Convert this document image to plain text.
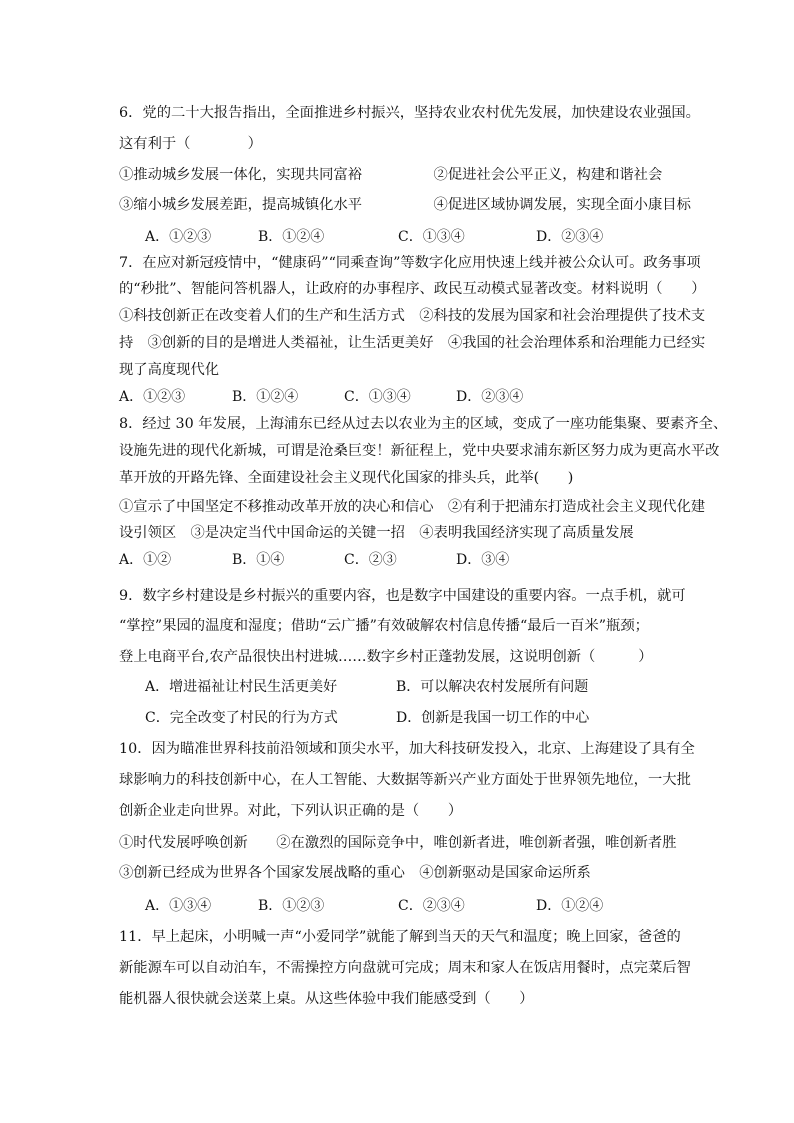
6．党的二十大报告指出，全面推进乡村振兴，坚持农业农村优先发展，加快建设农业强国。
这有利于（　　　　）
①推动城乡发展一体化，实现共同富裕　　　　　②促进社会公平正义，构建和谐社会
③缩小城乡发展差距，提高城镇化水平　　　　　④促进区域协调发展，实现全面小康目标
A．①②③	B．①②④	C．①③④	D．②③④
7．在应对新冠疫情中，“健康码”“同乘查询”等数字化应用快速上线并被公众认可。政务事项
的“秒批”、智能问答机器人，让政府的办事程序、政民互动模式显著改变。材料说明（　　）
①科技创新正在改变着人们的生产和生活方式　②科技的发展为国家和社会治理提供了技术支
持　③创新的目的是增进人类福祉，让生活更美好　④我国的社会治理体系和治理能力已经实
现了高度现代化
A．①②③	B．①②④	C．①③④	D．②③④
8．经过 30 年发展，上海浦东已经从过去以农业为主的区域，变成了一座功能集聚、要素齐全、
设施先进的现代化新城，可谓是沧桑巨变！新征程上，党中央要求浦东新区努力成为更高水平改
革开放的开路先锋、全面建设社会主义现代化国家的排头兵，此举(　　)
①宣示了中国坚定不移推动改革开放的决心和信心　②有利于把浦东打造成社会主义现代化建
设引领区　③是决定当代中国命运的关键一招　④表明我国经济实现了高质量发展
A．①②	B．①④	C．②③	D．③④
9．数字乡村建设是乡村振兴的重要内容，也是数字中国建设的重要内容。一点手机，就可
“掌控”果园的温度和湿度；借助“云广播”有效破解农村信息传播“最后一百米”瓶颈；
登上电商平台,农产品很快出村进城……数字乡村正蓬勃发展，这说明创新（　　　）
A．增进福祉让村民生活更美好	B．可以解决农村发展所有问题
C．完全改变了村民的行为方式	D．创新是我国一切工作的中心
10．因为瞄准世界科技前沿领域和顶尖水平，加大科技研发投入，北京、上海建设了具有全
球影响力的科技创新中心，在人工智能、大数据等新兴产业方面处于世界领先地位，一大批
创新企业走向世界。对此，下列认识正确的是（　　）
①时代发展呼唤创新　　②在激烈的国际竞争中，唯创新者进，唯创新者强，唯创新者胜
③创新已经成为世界各个国家发展战略的重心　④创新驱动是国家命运所系
A．①③④	B．①②③	C．②③④	D．①②④
11．早上起床，小明喊一声“小爱同学”就能了解到当天的天气和温度；晚上回家，爸爸的
新能源车可以自动泊车，不需操控方向盘就可完成；周末和家人在饭店用餐时，点完菜后智
能机器人很快就会送菜上桌。从这些体验中我们能感受到（　　）
